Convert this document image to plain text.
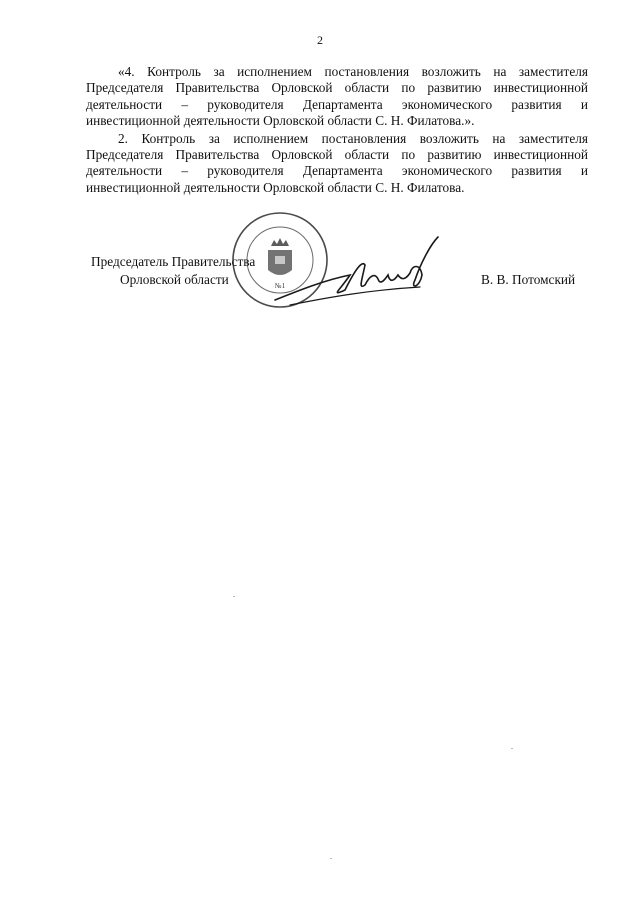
2

«4. Контроль за исполнением постановления возложить на заместителя Председателя Правительства Орловской области по развитию инвестиционной деятельности – руководителя Департамента экономического развития и инвестиционной деятельности Орловской области С. Н. Филатова.».

2. Контроль за исполнением постановления возложить на заместителя Председателя Правительства Орловской области по развитию инвестиционной деятельности – руководителя Департамента экономического развития и инвестиционной деятельности Орловской области С. Н. Филатова.

Председатель Правительства
Орловской области	В. В. Потомский
№1
